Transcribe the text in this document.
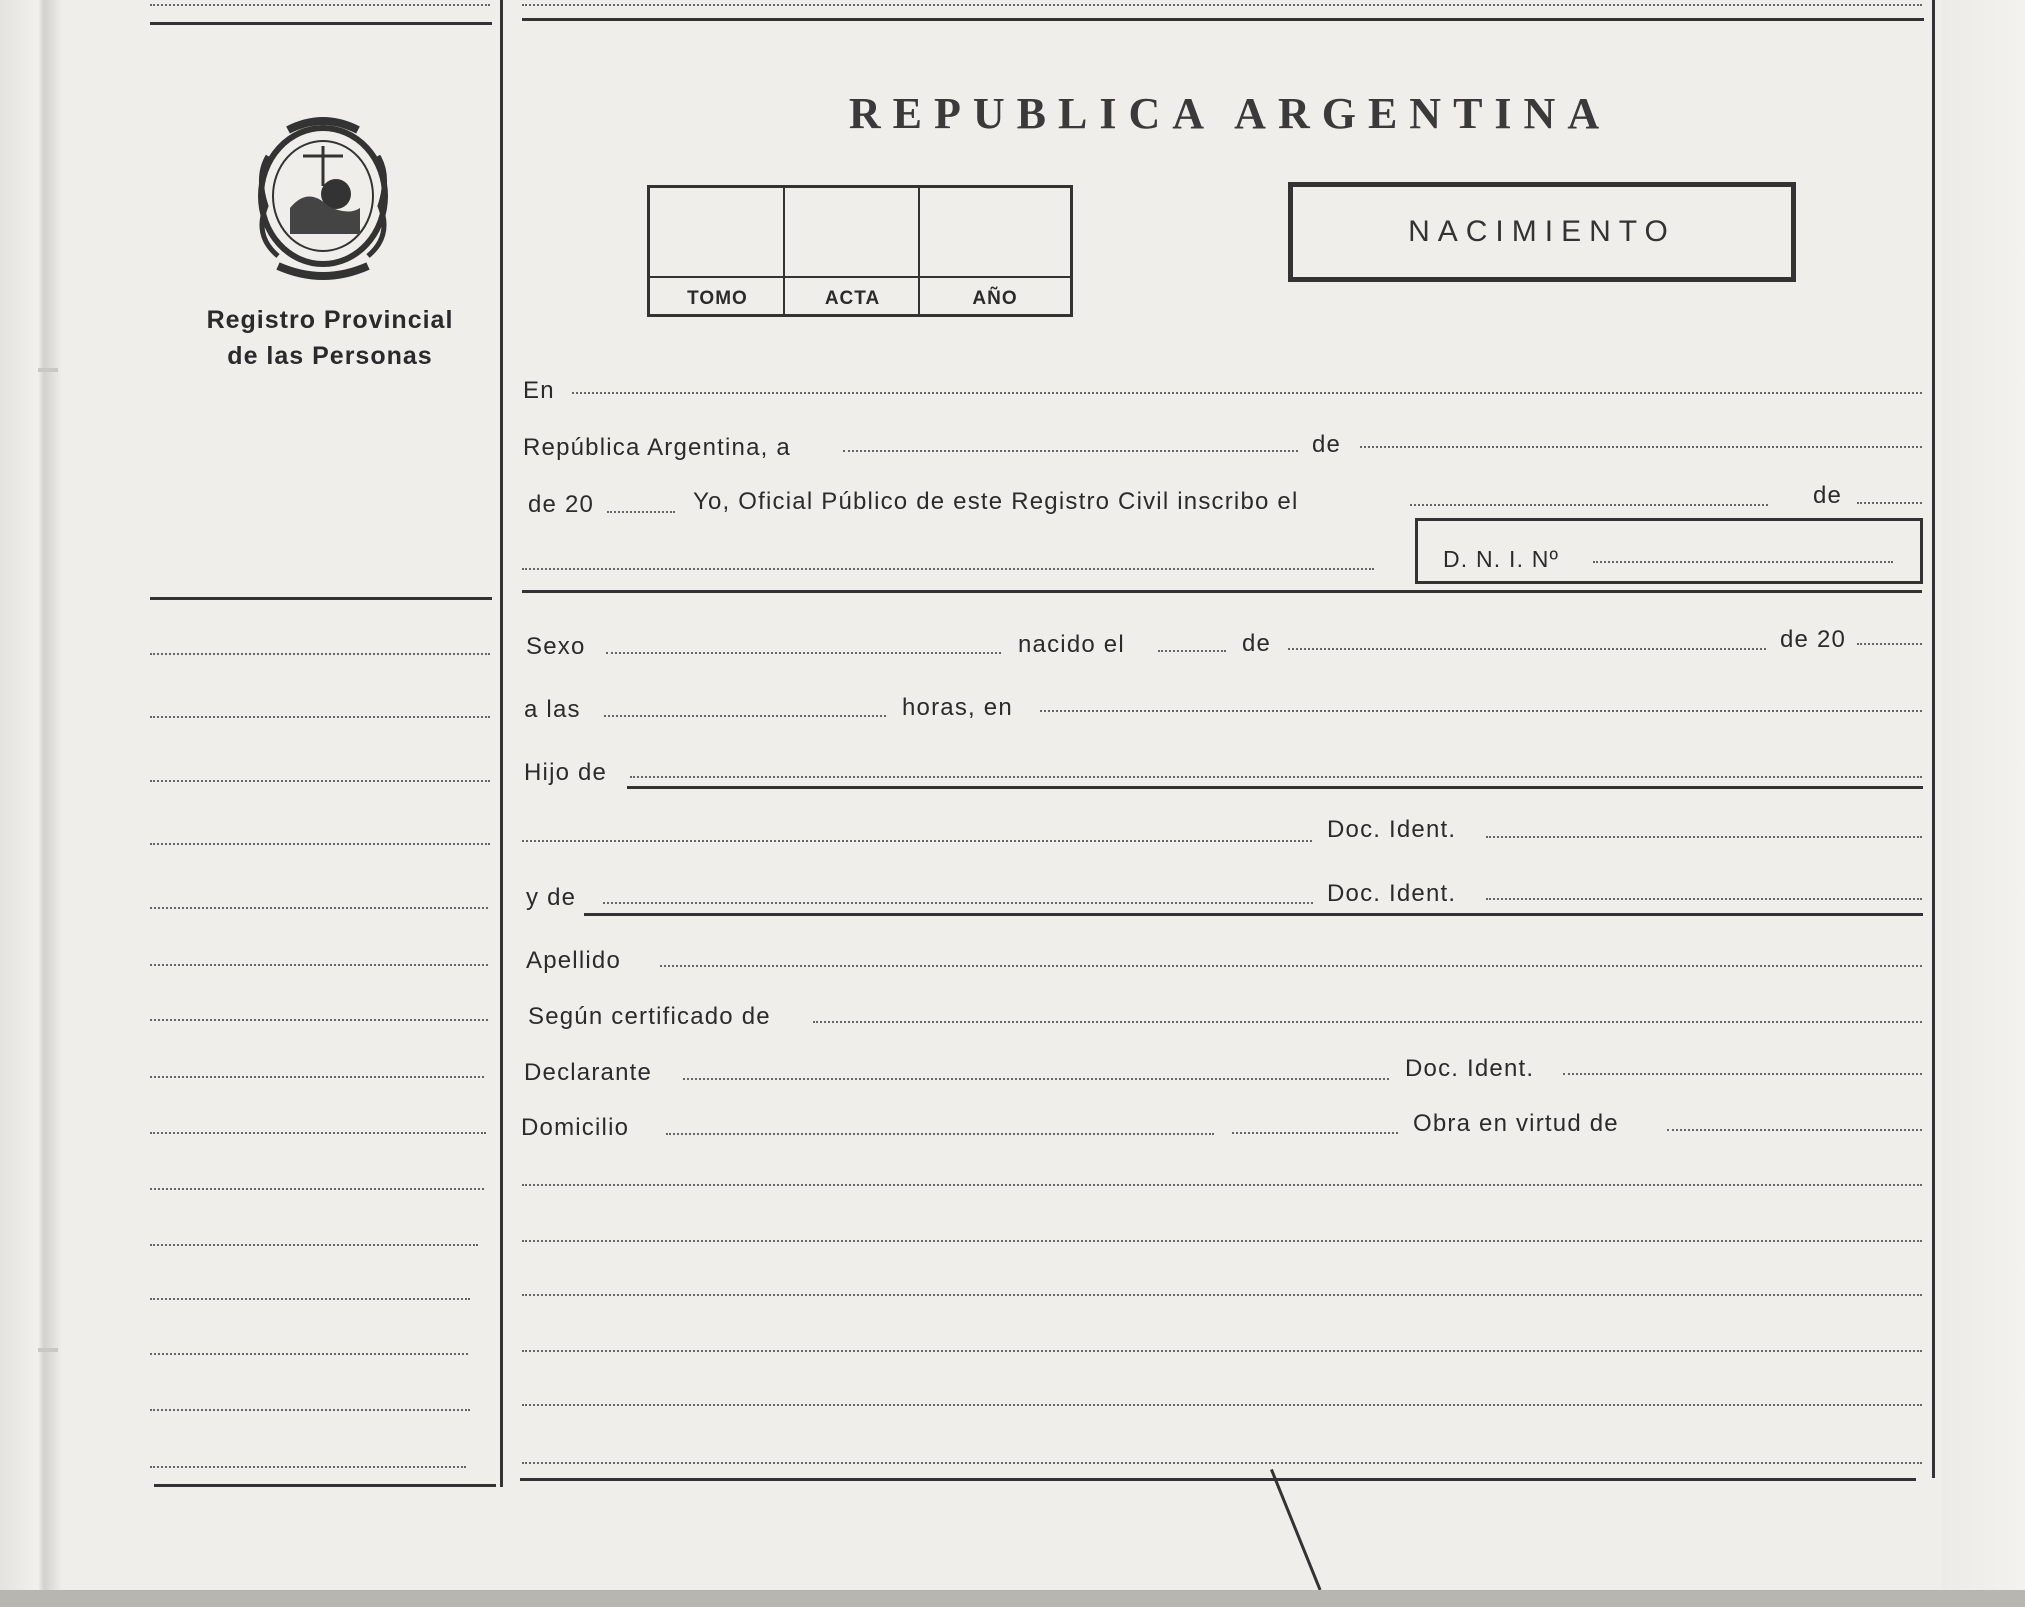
Registro Provincial
de las Personas
REPUBLICA ARGENTINA
TOMO	ACTA	AÑO
NACIMIENTO
En
República Argentina, a	de
de 20	Yo, Oficial Público de este Registro Civil inscribo el	de
D. N. I. Nº
Sexo	nacido el	de	de 20
a las	horas, en
Hijo de
Doc. Ident.
y de	Doc. Ident.
Apellido
Según certificado de
Declarante	Doc. Ident.
Domicilio	Obra en virtud de
